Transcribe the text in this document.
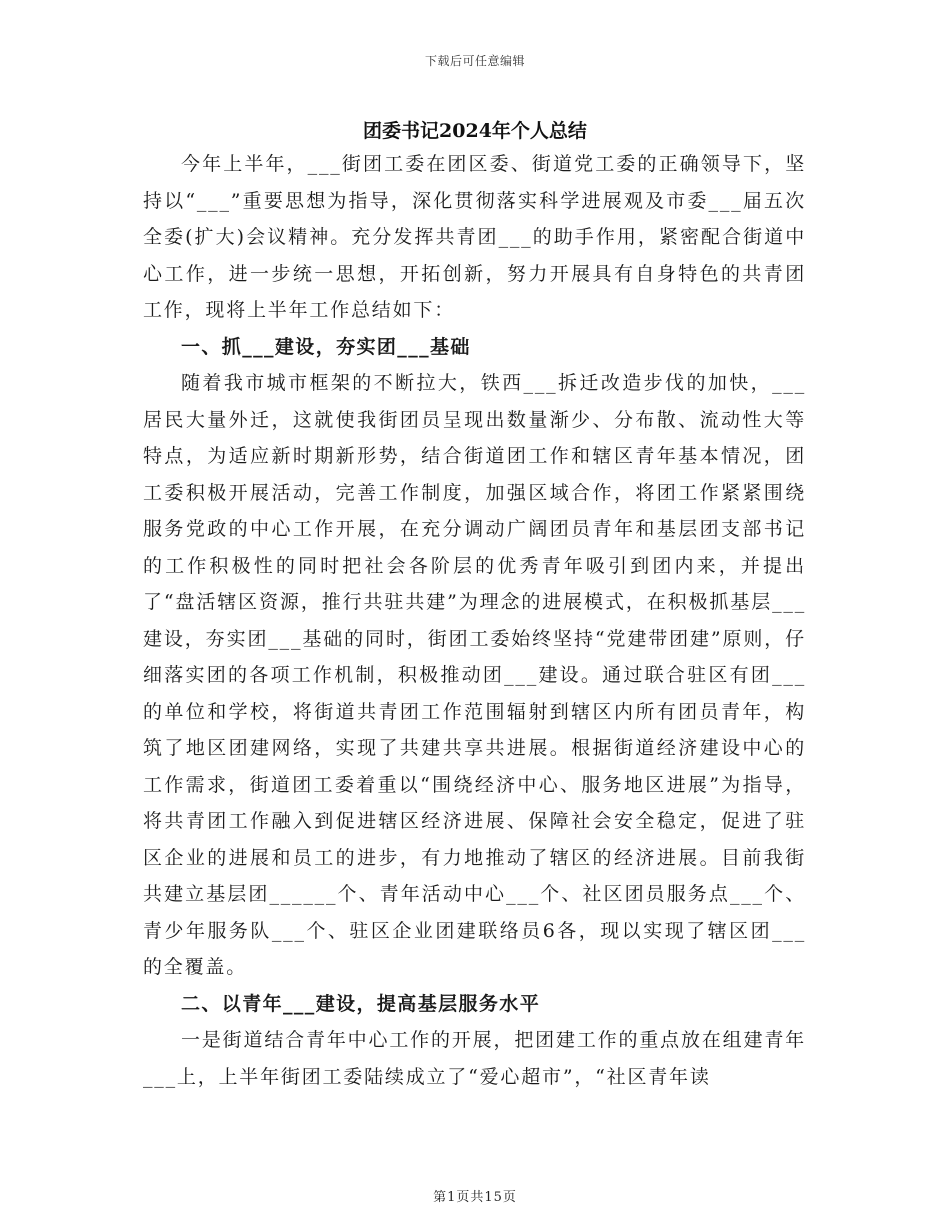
下载后可任意编辑
团委书记2024年个人总结

今年上半年，___街团工委在团区委、街道党工委的正确领导下，坚持以“___”重要思想为指导，深化贯彻落实科学进展观及市委___届五次全委(扩大)会议精神。充分发挥共青团___的助手作用，紧密配合街道中心工作，进一步统一思想，开拓创新，努力开展具有自身特色的共青团工作，现将上半年工作总结如下：

一、抓___建设，夯实团___基础

随着我市城市框架的不断拉大，铁西___拆迁改造步伐的加快，___居民大量外迁，这就使我街团员呈现出数量渐少、分布散、流动性大等特点，为适应新时期新形势，结合街道团工作和辖区青年基本情况，团工委积极开展活动，完善工作制度，加强区域合作，将团工作紧紧围绕服务党政的中心工作开展，在充分调动广阔团员青年和基层团支部书记的工作积极性的同时把社会各阶层的优秀青年吸引到团内来，并提出了“盘活辖区资源，推行共驻共建”为理念的进展模式，在积极抓基层___建设，夯实团___基础的同时，街团工委始终坚持“党建带团建”原则，仔细落实团的各项工作机制，积极推动团___建设。通过联合驻区有团___的单位和学校，将街道共青团工作范围辐射到辖区内所有团员青年，构筑了地区团建网络，实现了共建共享共进展。根据街道经济建设中心的工作需求，街道团工委着重以“围绕经济中心、服务地区进展”为指导，将共青团工作融入到促进辖区经济进展、保障社会安全稳定，促进了驻区企业的进展和员工的进步，有力地推动了辖区的经济进展。目前我街共建立基层团______个、青年活动中心___个、社区团员服务点___个、青少年服务队___个、驻区企业团建联络员6各，现以实现了辖区团___的全覆盖。

二、以青年___建设，提高基层服务水平

一是街道结合青年中心工作的开展，把团建工作的重点放在组建青年___上，上半年街团工委陆续成立了“爱心超市”，“社区青年读

第1页共15页
